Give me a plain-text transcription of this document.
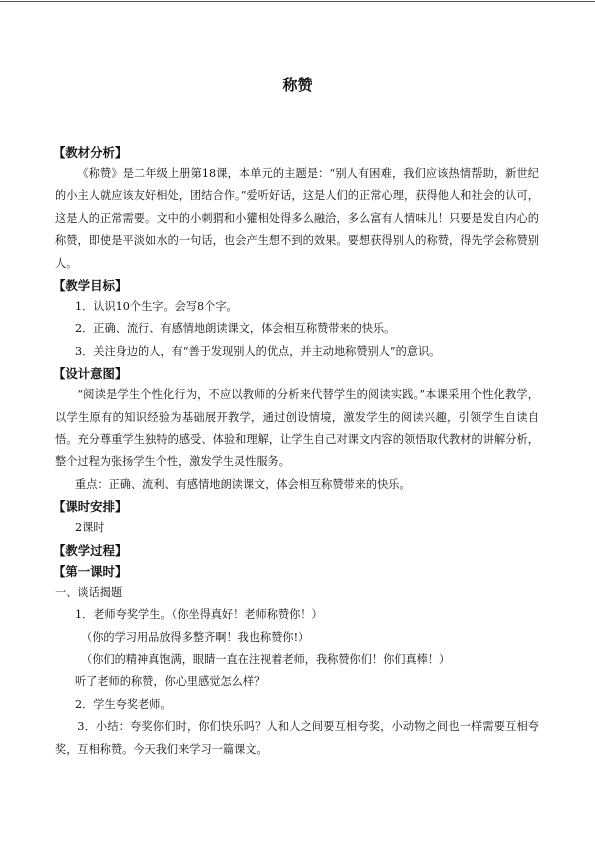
称赞
【教材分析】

《称赞》是二年级上册第18课，本单元的主题是：“别人有困难，我们应该热情帮助，新世纪的小主人就应该友好相处，团结合作。”爱听好话，这是人们的正常心理，获得他人和社会的认可，这是人的正常需要。文中的小刺猬和小獾相处得多么融洽，多么富有人情味儿！只要是发自内心的称赞，即使是平淡如水的一句话，也会产生想不到的效果。要想获得别人的称赞，得先学会称赞别人。

【教学目标】
1．认识10个生字。会写8个字。
2．正确、流行、有感情地朗读课文，体会相互称赞带来的快乐。
3．关注身边的人，有“善于发现别人的优点，并主动地称赞别人”的意识。
【设计意图】

“阅读是学生个性化行为，不应以教师的分析来代替学生的阅读实践。”本课采用个性化教学，以学生原有的知识经验为基础展开教学，通过创设情境，激发学生的阅读兴趣，引领学生自读自悟。充分尊重学生独特的感受、体验和理解，让学生自己对课文内容的领悟取代教材的讲解分析，整个过程为张扬学生个性，激发学生灵性服务。

重点：正确、流利、有感情地朗读课文，体会相互称赞带来的快乐。
【课时安排】
2课时
【教学过程】
【第一课时】
一、谈话揭题
1．老师夸奖学生。（你坐得真好！老师称赞你！）
（你的学习用品放得多整齐啊！我也称赞你!）
（你们的精神真饱满，眼睛一直在注视着老师，我称赞你们！你们真棒！）
听了老师的称赞，你心里感觉怎么样？
2．学生夸奖老师。

3．小结：夸奖你们时，你们快乐吗？人和人之间要互相夸奖，小动物之间也一样需要互相夸奖，互相称赞。今天我们来学习一篇课文。
